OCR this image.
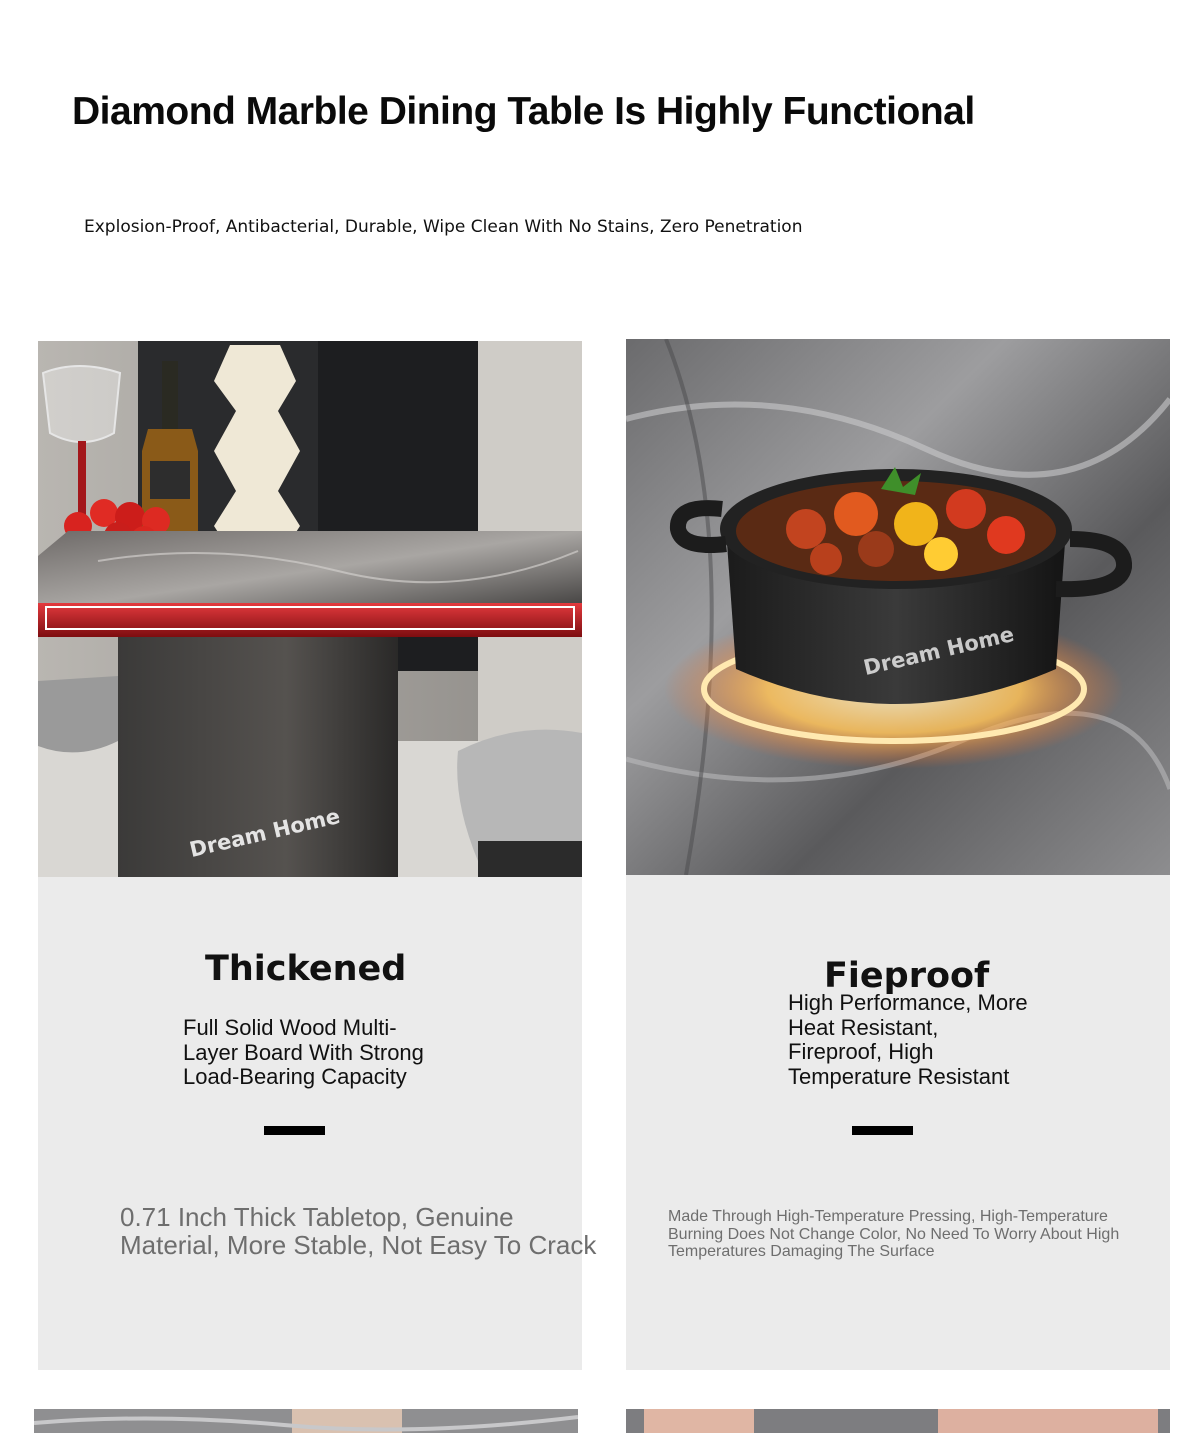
Diamond Marble Dining Table Is Highly Functional

Explosion-Proof, Antibacterial, Durable, Wipe Clean With No Stains, Zero Penetration

Dream Home
Thickened

Full Solid Wood Multi-Layer Board With Strong Load-Bearing Capacity

0.71 Inch Thick Tabletop, Genuine Material, More Stable, Not Easy To Crack

Dream Home
Fieproof

High Performance, More Heat Resistant, Fireproof, High Temperature Resistant

Made Through High-Temperature Pressing, High-Temperature Burning Does Not Change Color, No Need To Worry About High Temperatures Damaging The Surface
